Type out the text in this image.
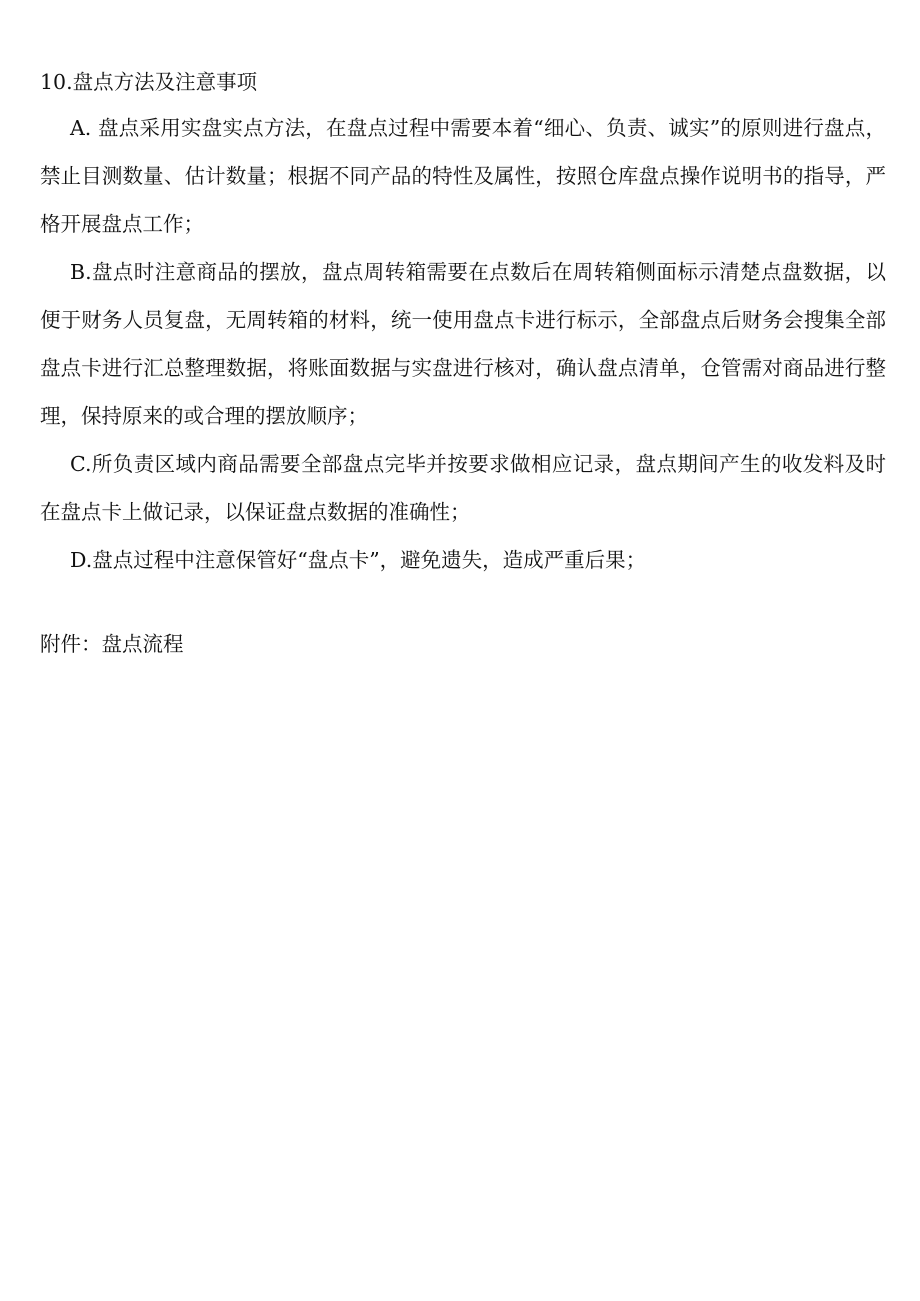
10.盘点方法及注意事项

A. 盘点采用实盘实点方法，在盘点过程中需要本着“细心、负责、诚实”的原则进行盘点，禁止目测数量、估计数量；根据不同产品的特性及属性，按照仓库盘点操作说明书的指导，严格开展盘点工作；

B.盘点时注意商品的摆放，盘点周转箱需要在点数后在周转箱侧面标示清楚点盘数据，以便于财务人员复盘，无周转箱的材料，统一使用盘点卡进行标示，全部盘点后财务会搜集全部盘点卡进行汇总整理数据，将账面数据与实盘进行核对，确认盘点清单，仓管需对商品进行整理，保持原来的或合理的摆放顺序；

C.所负责区域内商品需要全部盘点完毕并按要求做相应记录，盘点期间产生的收发料及时在盘点卡上做记录，以保证盘点数据的准确性；

D.盘点过程中注意保管好“盘点卡”，避免遗失，造成严重后果；

附件：盘点流程
